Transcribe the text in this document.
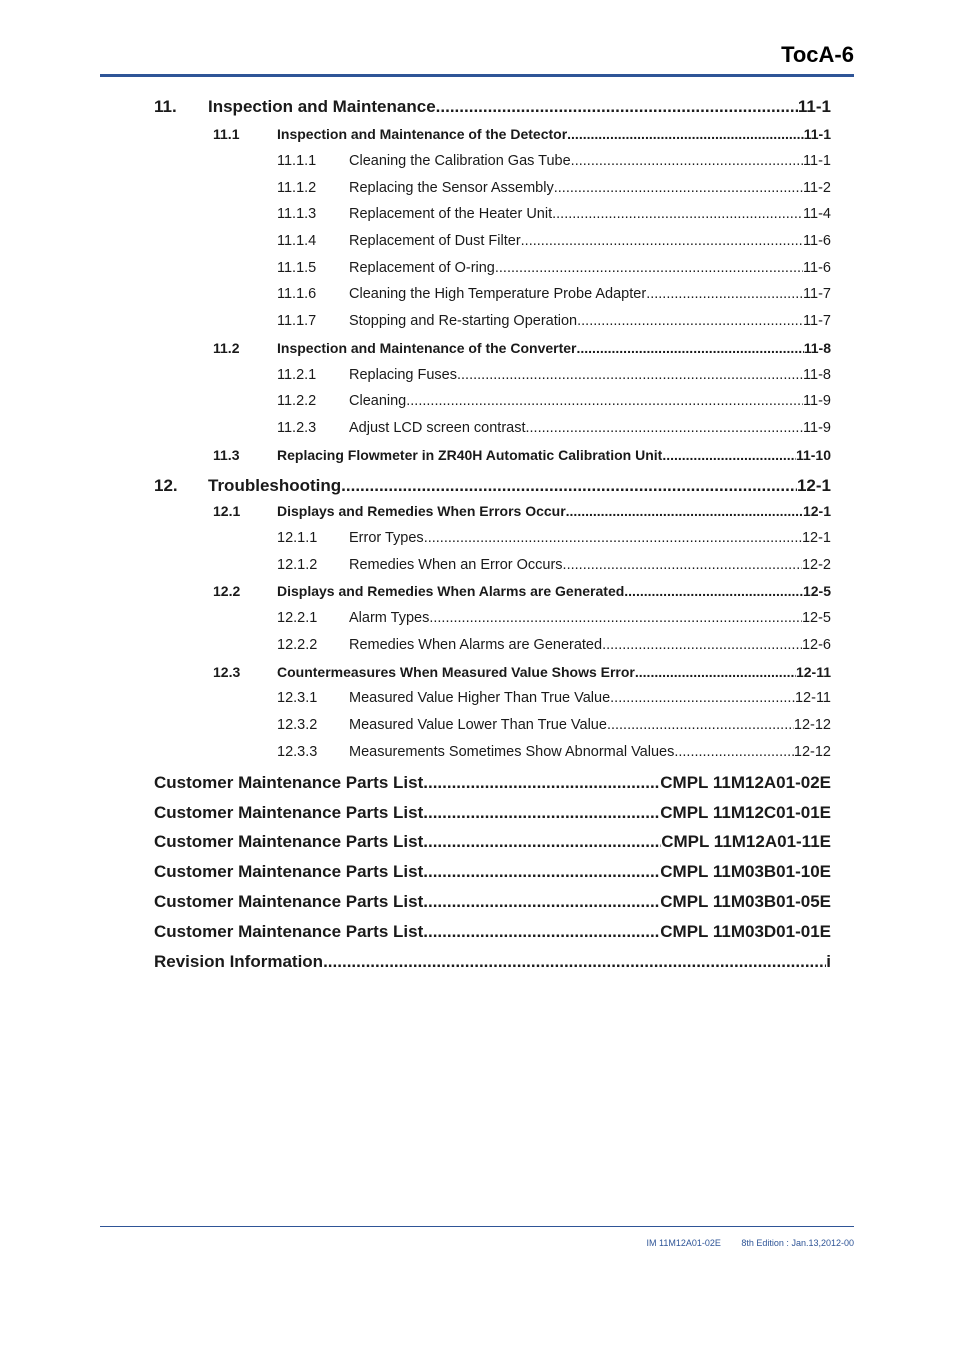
TocA-6
11. Inspection and Maintenance .....	11-1
11.1	Inspection and Maintenance of the Detector .....	11-1
11.1.1 Cleaning the Calibration Gas Tube .....	11-1
11.1.2 Replacing the Sensor Assembly .....	11-2
11.1.3 Replacement of the Heater Unit .....	11-4
11.1.4 Replacement of Dust Filter .....	11-6
11.1.5 Replacement of O-ring .....	11-6
11.1.6 Cleaning the High Temperature Probe Adapter .....	11-7
11.1.7 Stopping and Re-starting Operation .....	11-7
11.2	Inspection and Maintenance of the Converter .....	11-8
11.2.1 Replacing Fuses .....	11-8
11.2.2 Cleaning .....	11-9
11.2.3 Adjust LCD screen contrast .....	11-9
11.3	Replacing Flowmeter in ZR40H Automatic Calibration Unit .....	11-10
12. Troubleshooting .....	12-1
12.1	Displays and Remedies When Errors Occur .....	12-1
12.1.1 Error Types .....	12-1
12.1.2 Remedies When an Error Occurs .....	12-2
12.2	Displays and Remedies When Alarms are Generated .....	12-5
12.2.1 Alarm Types .....	12-5
12.2.2 Remedies When Alarms are Generated .....	12-6
12.3	Countermeasures When Measured Value Shows Error .....	12-11
12.3.1 Measured Value Higher Than True Value .....	12-11
12.3.2 Measured Value Lower Than True Value .....	12-12
12.3.3 Measurements Sometimes Show Abnormal Values .....	12-12
Customer Maintenance Parts List .....	CMPL 11M12A01-02E
Customer Maintenance Parts List .....	CMPL 11M12C01-01E
Customer Maintenance Parts List .....	CMPL 11M12A01-11E
Customer Maintenance Parts List .....	CMPL 11M03B01-10E
Customer Maintenance Parts List .....	CMPL 11M03B01-05E
Customer Maintenance Parts List .....	CMPL 11M03D01-01E
Revision Information .....	i
IM 11M12A01-02E 8th Edition : Jan.13,2012-00
